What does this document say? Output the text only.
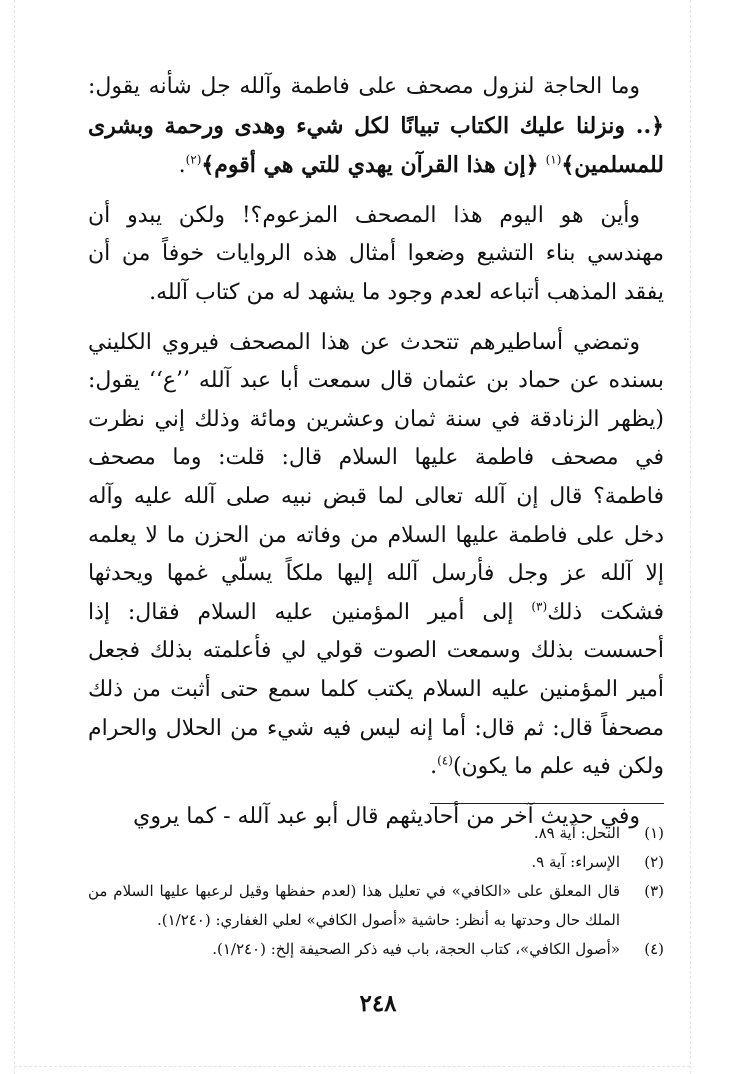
وما الحاجة لنزول مصحف على فاطمة وآلله جل شأنه يقول: ﴿.. ونزلنا عليك الكتاب تبيانًا لكل شيء وهدى ورحمة وبشرى للمسلمين﴾$^{(١)}$ ﴿إن هذا القرآن يهدي للتي هي أقوم﴾$^{(٢)}$.

وأين هو اليوم هذا المصحف المزعوم؟! ولكن يبدو أن مهندسي بناء التشيع وضعوا أمثال هذه الروايات خوفاً من أن يفقد المذهب أتباعه لعدم وجود ما يشهد له من كتاب آلله.

وتمضي أساطيرهم تتحدث عن هذا المصحف فيروي الكليني بسنده عن حماد بن عثمان قال سمعت أبا عبد آلله ’’ع‘‘ يقول: (يظهر الزنادقة في سنة ثمان وعشرين ومائة وذلك إني نظرت في مصحف فاطمة عليها السلام قال: قلت: وما مصحف فاطمة؟ قال إن آلله تعالى لما قبض نبيه صلى آلله عليه وآله دخل على فاطمة عليها السلام من وفاته من الحزن ما لا يعلمه إلا آلله عز وجل فأرسل آلله إليها ملكاً يسلّي غمها ويحدثها فشكت ذلك$^{(٣)}$ إلى أمير المؤمنين عليه السلام فقال: إذا أحسست بذلك وسمعت الصوت قولي لي فأعلمته بذلك فجعل أمير المؤمنين عليه السلام يكتب كلما سمع حتى أثبت من ذلك مصحفاً قال: ثم قال: أما إنه ليس فيه شيء من الحلال والحرام ولكن فيه علم ما يكون)$^{(٤)}$.

وفي حديث آخر من أحاديثهم قال أبو عبد آلله - كما يروي

(١)
النحل: آية ٨٩.
(٢)
الإسراء: آية ٩.
(٣)
قال المعلق على «الكافي» في تعليل هذا (لعدم حفظها وقيل لرعبها عليها السلام من الملك حال وحدتها به أنظر: حاشية «أصول الكافي» لعلي الغفاري: (١/٢٤٠).
(٤)
«أصول الكافي»، كتاب الحجة، باب فيه ذكر الصحيفة إلخ: (١/٢٤٠).
٢٤٨
